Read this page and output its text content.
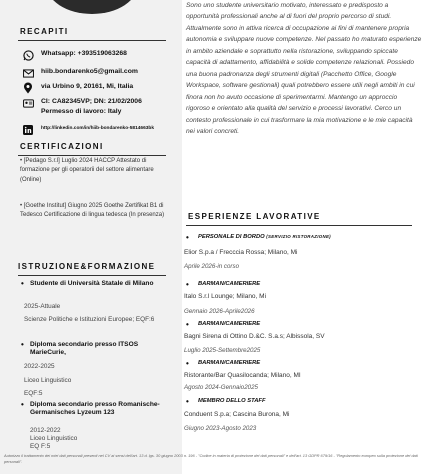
RECAPITI
Whatsapp: +393519063268
hiib.bondarenko5@gmail.com
via Urbino 9, 20161, Mi, Italia
CI: CA82345VP; DN: 21/02/2006
Permesso di lavoro: Italy
http://linkedin.com/in/hiib-bondarenko-5814663bk
CERTIFICAZIONI
• [Pedago S.r.l] Luglio 2024 HACCP Attestato di formazione per gli operatorii del settore alimentare (Online)
• [Goethe Institut] Giugno 2025 Goethe Zertifikat B1 di Tedesco Certificazione di lingua tedesca (In presenza)
ISTRUZIONE&FORMAZIONE
• Studente di Università Statale di Milano
2025-Attuale
Scienze Politiche e Istituzioni Europee; EQF:6
• Diploma secondario presso ITSOS MarieCurie,
2022-2025
Liceo Linguistico
EQF:5
• Diploma secondario presso Romanische-Germanisches Lyzeum 123
2012-2022
Liceo Linguistico
EQ F:5
Sono uno studente universitario motivato, interessato e predisposto a opportunità professionali anche al di fuori del proprio percorso di studi. Attualmente sono in attiva ricerca di occupazione ai fini di mantenere propria autonomia e sviluppare nuove competenze. Nel passato ho maturato esperienze in ambito aziendale e soprattutto nella ristorazione, sviluppando spiccate capacità di adattamento, affidabilità e solide competenze relazionali. Possiedo una buona padronanza degli strumenti digitali (Pacchetto Office, Google Workspace, software gestionali) quali potrebbero essere utili negli ambiti in cui finora non ho avuto occasione di sperimentarmi. Mantengo un approccio rigoroso e orientato alla qualità del servizio e processi lavorativi. Cerco un contesto professionale in cui trasformare la mia motivazione e le mie capacità nei valori concreti.
ESPERIENZE LAVORATIVE
• PERSONALE DI BORDO (SERVIZIO RISTORAZIONE)
Elior S.p.a / Frecccia Rossa; Milano, Mi
Aprile 2026-in corso
• BARMAN/CAMERIERE
Italo S.r.l Lounge; Milano, Mi
Gennaio 2026-Aprile2026
• BARMAN/CAMERIERE
Bagni Sirena di Ottino D.&C. S.a.s; Albissola, SV
Luglio 2025-Settembre2025
• BARMAN/CAMERIERE
Ristorante/Bar Quasilocanda; Milano, MI
Agosto 2024-Gennaio2025
• MEMBRO DELLO STAFF
Conduent S.p.a; Cascina Burona, Mi
Giugno 2023-Agosto 2023
Autorizzo il trattamento dei miei dati personali presenti nel CV ai sensi dell'art. 13 d. lgs. 30 giugno 2003 n. 196 - "Codice in materia di protezione dei dati personali" e dell'art. 13 GDPR 679/16 - "Regolamento europeo sulla protezione dei dati personali".
